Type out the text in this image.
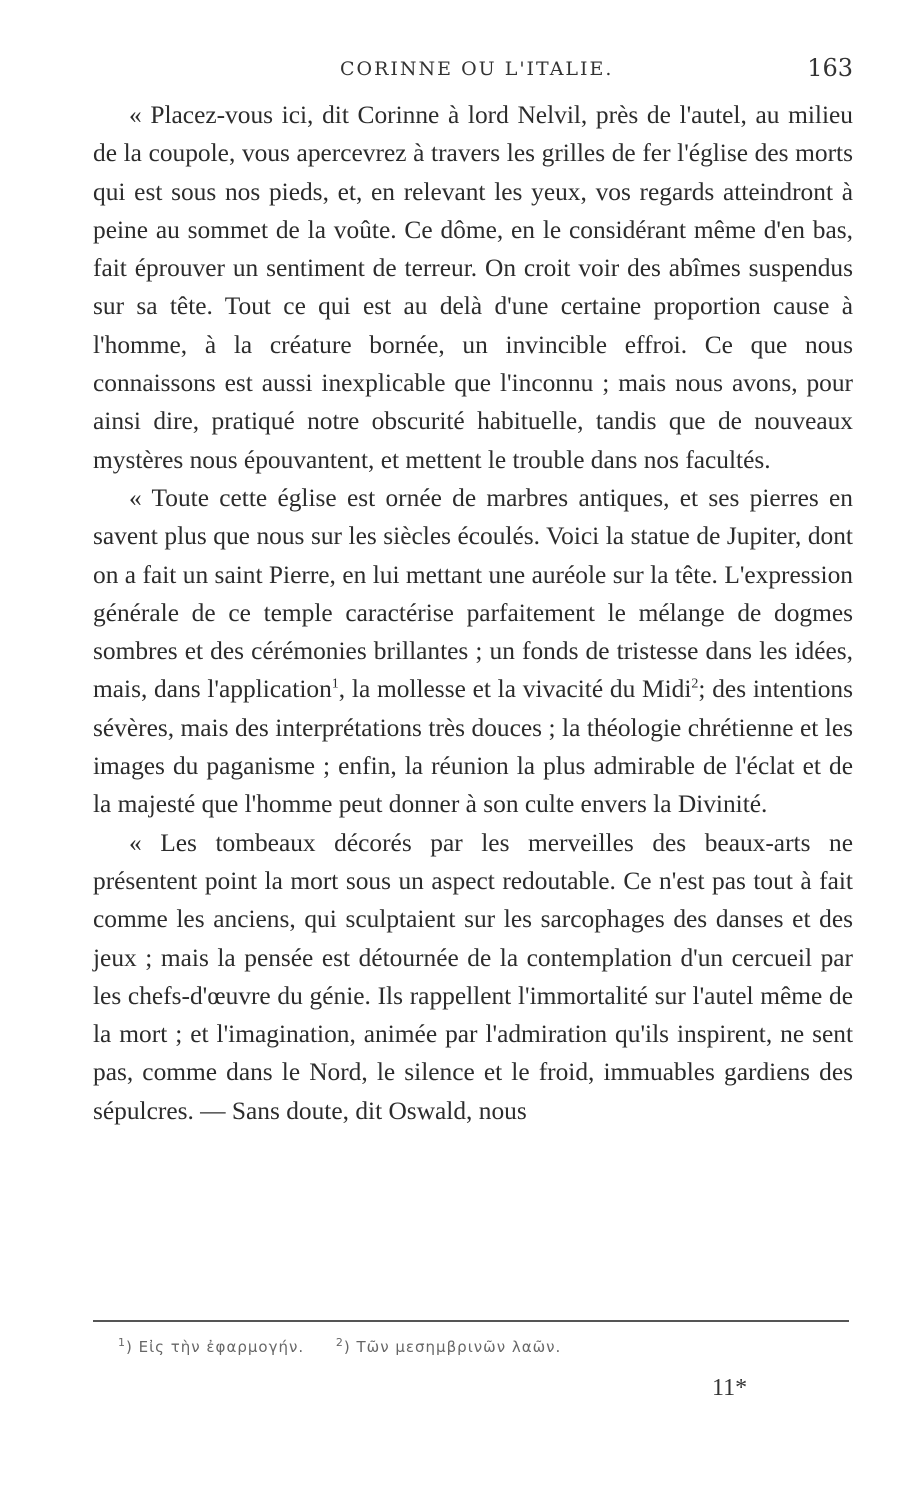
CORINNE OU L'ITALIE.	163

« Placez-vous ici, dit Corinne à lord Nelvil, près de l'autel, au milieu de la coupole, vous apercevrez à travers les grilles de fer l'église des morts qui est sous nos pieds, et, en relevant les yeux, vos regards atteindront à peine au sommet de la voûte. Ce dôme, en le considérant même d'en bas, fait éprouver un sentiment de terreur. On croit voir des abîmes suspendus sur sa tête. Tout ce qui est au delà d'une certaine proportion cause à l'homme, à la créature bornée, un invincible effroi. Ce que nous connaissons est aussi inexplicable que l'inconnu ; mais nous avons, pour ainsi dire, pratiqué notre obscurité habituelle, tandis que de nouveaux mystères nous épouvantent, et mettent le trouble dans nos facultés.

« Toute cette église est ornée de marbres antiques, et ses pierres en savent plus que nous sur les siècles écoulés. Voici la statue de Jupiter, dont on a fait un saint Pierre, en lui mettant une auréole sur la tête. L'expression générale de ce temple caractérise parfaitement le mélange de dogmes sombres et des cérémonies brillantes ; un fonds de tristesse dans les idées, mais, dans l'application$^1$, la mollesse et la vivacité du Midi$^2$; des intentions sévères, mais des interprétations très douces ; la théologie chrétienne et les images du paganisme ; enfin, la réunion la plus admirable de l'éclat et de la majesté que l'homme peut donner à son culte envers la Divinité.

« Les tombeaux décorés par les merveilles des beaux-arts ne présentent point la mort sous un aspect redoutable. Ce n'est pas tout à fait comme les anciens, qui sculptaient sur les sarcophages des danses et des jeux ; mais la pensée est détournée de la contemplation d'un cercueil par les chefs-d'œuvre du génie. Ils rappellent l'immortalité sur l'autel même de la mort ; et l'imagination, animée par l'admiration qu'ils inspirent, ne sent pas, comme dans le Nord, le silence et le froid, immuables gardiens des sépulcres. — Sans doute, dit Oswald, nous

$^1$) Εἰς τὴν ἐφαρμογήν.	$^2$) Τῶν μεσημβρινῶν λαῶν.
11*
